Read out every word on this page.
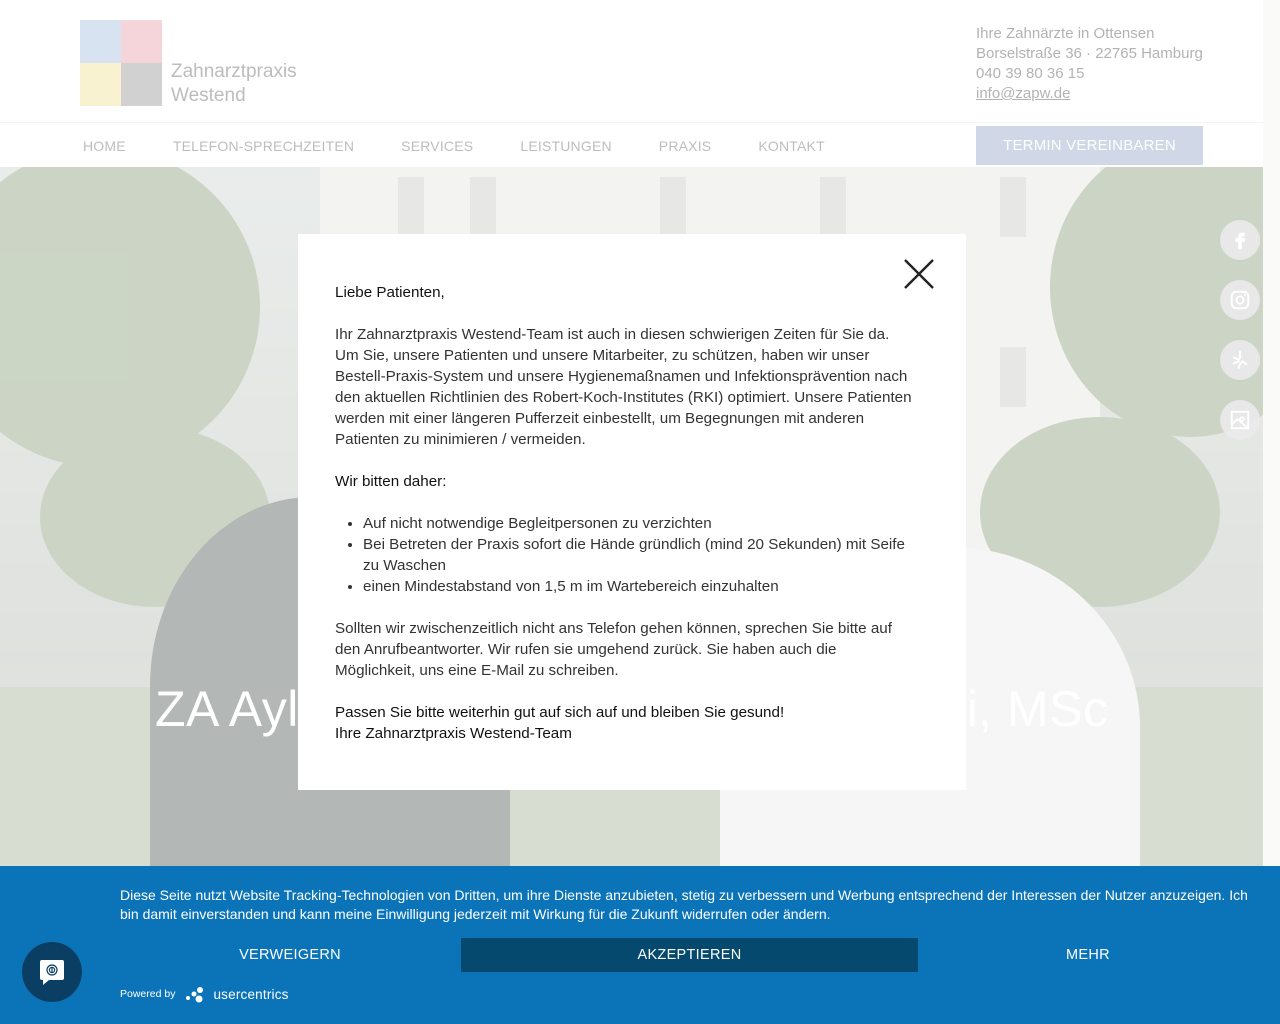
Liebe Patienten,

Ihr Zahnarztpraxis Westend-Team ist auch in diesen schwierigen Zeiten für Sie da. Um Sie, unsere Patienten und unsere Mitarbeiter, zu schützen, haben wir unser Bestell-Praxis-System und unsere Hygienemaßnamen und Infektionsprävention nach den aktuellen Richtlinien des Robert-Koch-Institutes (RKI) optimiert. Unsere Patienten werden mit einer längeren Pufferzeit einbestellt, um Begegnungen mit anderen Patienten zu minimieren / vermeiden.

Wir bitten daher:

• Auf nicht notwendige Begleitpersonen zu verzichten
• Bei Betreten der Praxis sofort die Hände gründlich (mind 20 Sekunden) mit Seife zu Waschen
• einen Mindestabstand von 1,5 m im Wartebereich einzuhalten

Sollten wir zwischenzeitlich nicht ans Telefon gehen können, sprechen Sie bitte auf den Anrufbeantworter. Wir rufen sie umgehend zurück. Sie haben auch die Möglichkeit, uns eine E-Mail zu schreiben.

Passen Sie bitte weiterhin gut auf sich auf und bleiben Sie gesund!

Ihre Zahnarztpraxis Westend-Team

Diese Seite nutzt Website Tracking-Technologien von Dritten, um ihre Dienste anzubieten, stetig zu verbessern und Werbung entsprechend der Interessen der Nutzer anzuzeigen. Ich bin damit einverstanden und kann meine Einwilligung jederzeit mit Wirkung für die Zukunft widerrufen oder ändern.
VERWEIGERN	AKZEPTIEREN	MEHR
Powered by	usercentrics
